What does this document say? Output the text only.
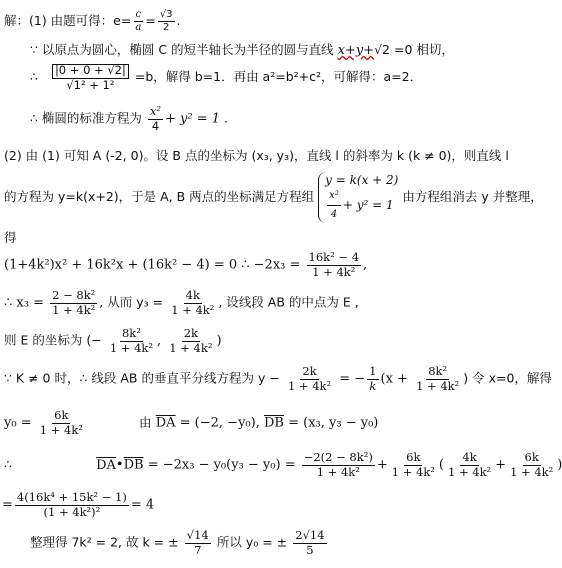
解：(1) 由题可得：$e= \frac{c}{a} = \frac{√3}{2}$ .
∵ 以原点为圆心，椭圆 C 的短半轴长为半径的圆与直线 x+y+√2 =0 相切，
∴ $\frac{|0 + 0 + √2|}{\text{√1² + 1²}} =b$，解得 b=1．再由 a²=b²+c²，可解得：a=2．
∴ 椭圆的标准方程为 $\frac{\text{x²}}{4} + y^2 = 1$ .
(2) 由 (1) 可知 A (-2, 0)。设 B 点的坐标为 (x₃, y₃)，直线 l 的斜率为 k (k ≠ 0)，则直线 l
的方程为 y=k(x+2)，于是 A, B 两点的坐标满足方程组
y = k(x + 2)
$\frac{\text{x²}}{4} + y^2 = 1$
由方程组消去 y 并整理，
得
(1+4k²)x² + 16k²x + (16k² − 4) = 0 ∴ $-2x_3 = \frac{\text{16k² − 4}}{\text{1 + 4k²}}$ ,
∴ $x_3 = \frac{\text{2 − 8k²}}{\text{1 + 4k²}}$ , 从而 $y_3 = \frac{4k}{\text{1 + 4k²}}$ , 设线段 AB 的中点为 E ,
则 E 的坐标为 (− $\frac{\text{8k²}}{\text{1 + 4k²}}$ , $\frac{2k}{\text{1 + 4k²}}$ )
∵ K ≠ 0 时，∴ 线段 AB 的垂直平分线方程为 $y - \frac{2k}{\text{1 + 4k²}}$ = − $\frac{1}{k} (x + \frac{\text{8k²}}{\text{1 + 4k²}}$ ) 令 x=0，解得
$y_0 = \frac{6k}{\text{1 + 4k²}}$	由 $\overline{DA} = (-2$, −y₀), $\overline{DB} = (x_3$, y₃ − y₀)
∴	$\overline{DA}•\overline{DB} = -2x_3 - y_0(y_3 - y_0) = \frac{\text{−2(2 − 8k²)}}{\text{1 + 4k²}} + \frac{6k}{\text{1 + 4k²}}$ ( $\frac{4k}{\text{1 + 4k²}} + \frac{6k}{\text{1 + 4k²}}$ )
= $\frac{\text{4(16k⁴ + 15k² − 1)}}{\text{(1 + 4k²)²}} = 4$
整理得 7k² = 2, 故 k = ± $\frac{√14}{7}$ 所以 y₀ = ± $\frac{2√14}{5}$
